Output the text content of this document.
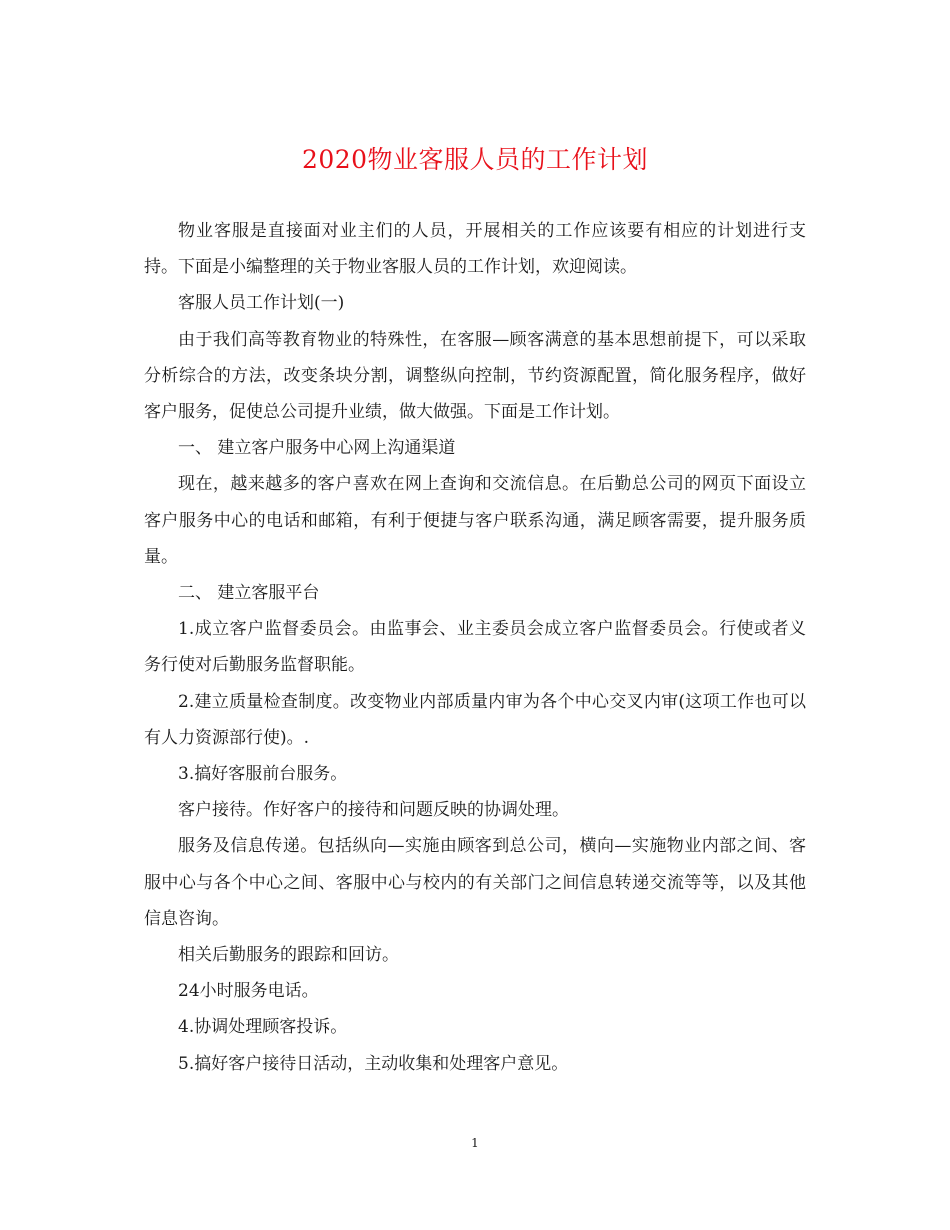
2020物业客服人员的工作计划

物业客服是直接面对业主们的人员，开展相关的工作应该要有相应的计划进行支持。下面是小编整理的关于物业客服人员的工作计划，欢迎阅读。

客服人员工作计划(一)

由于我们高等教育物业的特殊性，在客服—顾客满意的基本思想前提下，可以采取分析综合的方法，改变条块分割，调整纵向控制，节约资源配置，简化服务程序，做好客户服务，促使总公司提升业绩，做大做强。下面是工作计划。

一、 建立客户服务中心网上沟通渠道

现在，越来越多的客户喜欢在网上查询和交流信息。在后勤总公司的网页下面设立客户服务中心的电话和邮箱，有利于便捷与客户联系沟通，满足顾客需要，提升服务质量。

二、 建立客服平台

1.成立客户监督委员会。由监事会、业主委员会成立客户监督委员会。行使或者义务行使对后勤服务监督职能。

2.建立质量检查制度。改变物业内部质量内审为各个中心交叉内审(这项工作也可以有人力资源部行使)。.

3.搞好客服前台服务。

客户接待。作好客户的接待和问题反映的协调处理。

服务及信息传递。包括纵向—实施由顾客到总公司，横向—实施物业内部之间、客服中心与各个中心之间、客服中心与校内的有关部门之间信息转递交流等等，以及其他信息咨询。

相关后勤服务的跟踪和回访。

24小时服务电话。

4.协调处理顾客投诉。

5.搞好客户接待日活动，主动收集和处理客户意见。

1
